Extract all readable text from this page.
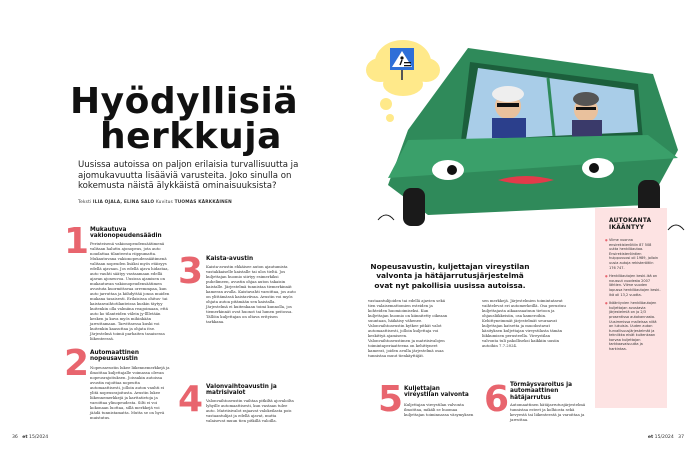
Hyödyllisiä
herkkuja
Uusissa autoissa on paljon erilaisia turvallisuutta ja ajomukavuutta lisääviä varusteita. Joko sinulla on kokemusta näistä älykkäistä ominaisuuksista?
Teksti ILIA OJALA, ELINA SALO Kuvitus TUOMAS KÄRKKÄINEN
1 Mukautuva vakionopeudensäädin
Perinteisenä vakionopeudensäätimenä valitaan haluttu ajonopeus, jota auto noudattaa tilanteesta riippumatta. Mukautuvana vakionopeudensäätimenä valitaan nopeuden lisäksi myös etäisyys edellä ajavaan. Jos edellä ajava hidastaa, auto vauhti säätyy vastaamaan edellä ajavan ajoneuvoa. Uusissa ajamisen on mukautuvan vakionopeudensäätimen avustuta kuormittavaa orremmpaa, kun auto jarruttaa ja kiihdyttää jonoa muiden mukana tasaisesti. Erilaisissa ohitus- tai kaistanvaihtotilanteissa kuskin täytyy kuitenkin olla valmiina reagoimaan, että auto ko tilanteiden välein jy-lllletään kesken ja kuva myös mihinkään jarruttamaan. Tarvittaessa kuski voi kuitenkin kaasuttaa ja ohjata itse. Järjestelmä toimii parhaiten tasaisessa liikenteessä.
2 Automaattinen nopeusavustin
Nopeusavustin lukee liikennemerkkejä ja ilmoittaa kuljettajalle voimassa olevan nopeusrajoituksen. Joissakin autoissa avustin rajoittaa nopeutta automaattisesti, jolloin auton vauhti ei ylitä nopeusrajoitusta. Avustin lukee liikennemerkkejä ja karttatietoja ja varoittaa ylinopeudesta. Silti ei voi kokonaan luottaa, sillä merkkejä voi jäädä tunnistamatta. Mutta se on hyvä muistutus.
3 Kaista-avustin
Kaista-avustin ehkäisee auton ajautumista vastakkaiselle kaistalle tai ulos tieltä. Jos kuljettajan huomio siirtyy esimerkiksi puhelimeen, avustin ohjaa auton takaisin kaistalle. Järjestelmä tunnistaa tiemerkinnät kameran avulla. Kaistavahti varoittaa, jos auto on ylittämässä kaistaviivaa. Avustin voi myös ohjata autoa pitämään sen kaistalla. Järjestelmä ei kuitenkaan toimi kunnolla, jos tiemerkinnät ovat huonot tai lumen peitossa. Tällöin kuljettajan on oltava erityisen tarkkana.
4 Valonvaihtoavustin ja matrisivalot
Valonvaihtoavustin vaihtaa pitkiltä ajovaloilta lyhyille automaattisesti, kun vastaan tulee auto. Matriisivalot rajaavat valokeilasta pois vastaantulijat ja edellä ajavat, mutta valaisevat muun tien pitkillä valoilla.
36 et 15/2024
Nopeusavustin, kuljettajan vireystilan valvonta ja hätäjarrutusjärjestelmä ovat nyt pakollisia uusissa autoissa.
vastaantulijoiden tai edellä ajavien sekä tien valaisemattomien esteiden ja kohteiden huomioimiseksi. Kun kuljettajan huomio on kiinnitetty oikeaan suuntaan, häikäisy vähenee. Valonvaihtoavustin kytkee pitkät valot automaattisesti, jolloin kuljettaja voi keskittyä ajamiseen. Valonvaihtoavustimen ja matriisivalojen toimintaperiaatteena on kehittyneet kamerat, joiden avulla järjestelmä osaa tunnistaa muut tienkäyttäjät.
sen merkkejä. Järjestelmien toimintatavat vaihtelevat eri automerkeillä. Osa perustuu kuljettajasta aikaansaatuun tietoon ja ohjausliikkeisiin, osa kameroihin. Kehittyneimmät järjestelmät seuraavat kuljettajan katsetta ja muodostavat käsityksen kuljettajan vireystilasta tämän liikkumisen perusteella. Vireystilan valvonta tuli pakolliseksi kaikkiin uusiin autoihin 7.7.2024.
5 Kuljettajan vireystilan valvonta
Kuljettajan vireystilan valvonta ilmoittaa, mikäli se huomaa kuljettajan toiminnassa väsymyksen 6 Törmäysvaroitus ja automaattinen hätäjarrutus
Automaattinen hätäjarrutusjärjestelmä tunnistaa esteet ja kolhiosta sekä kevyestä tai liikenteestä ja varoittaa ja jarruttaa.
AUTOKANTA
IKÄÄNTYY
● Viime vuonna ensirekisteröitiin 87 508 uutta henkilöautoa. Ensirekisteröintien huippuvuosi oli 1989, jolloin uusia autoja rekisteröitiin 176 747.
● Henkilöautojen keski-ikä on noussut vuodesta 2007 lähtien. Viime vuoden lopussa henkilöautojen keski-ikä oli 13,2 vuotta.
● Ikääntyvien henkilöautojen kuljettajan avustavia järjestelmiä on jo 2/3 prosentissa autokannasta. Uusimmissa malleissa niitä on lukuisia. Uuden auton turvallisuusjärjestelmät ja tekniikka eivät kuitenkaan korvaa kuljettajan tarkkaavaisuutta ja harkintaa.
et 15/2024 37
